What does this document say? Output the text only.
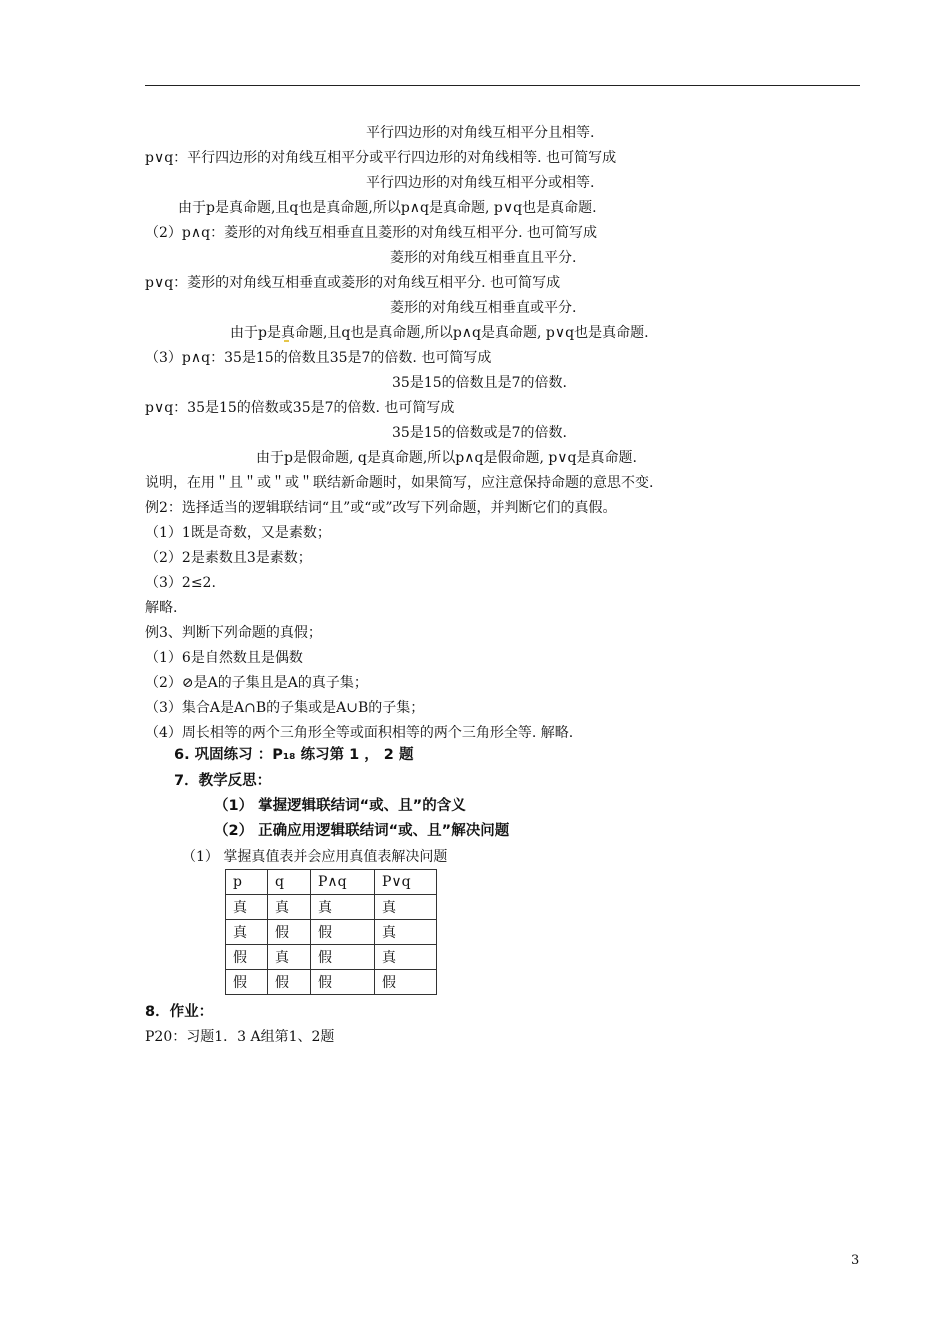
平行四边形的对角线互相平分且相等.
p∨q：平行四边形的对角线互相平分或平行四边形的对角线相等. 也可简写成
平行四边形的对角线互相平分或相等.
由于p是真命题,且q也是真命题,所以p∧q是真命题, p∨q也是真命题.
（2）p∧q：菱形的对角线互相垂直且菱形的对角线互相平分. 也可简写成
菱形的对角线互相垂直且平分.
p∨q：菱形的对角线互相垂直或菱形的对角线互相平分. 也可简写成
菱形的对角线互相垂直或平分.
由于p是真命题,且q也是真命题,所以p∧q是真命题, p∨q也是真命题.
（3）p∧q：35是15的倍数且35是7的倍数. 也可简写成
35是15的倍数且是7的倍数.
p∨q：35是15的倍数或35是7的倍数. 也可简写成
35是15的倍数或是7的倍数.
由于p是假命题, q是真命题,所以p∧q是假命题, p∨q是真命题.
说明，在用＂且＂或＂或＂联结新命题时，如果简写，应注意保持命题的意思不变.
例2：选择适当的逻辑联结词“且”或“或”改写下列命题，并判断它们的真假。
（1）1既是奇数，又是素数；
（2）2是素数且3是素数；
（3）2≤2.
解略.
例3、判断下列命题的真假；
（1）6是自然数且是偶数
（2）⊘是A的子集且是A的真子集；
（3）集合A是A∩B的子集或是A∪B的子集；
（4）周长相等的两个三角形全等或面积相等的两个三角形全等. 解略.
6. 巩固练习 ：P₁₈ 练习第 1 ， 2 题
7．教学反思：
（1） 掌握逻辑联结词“或、且”的含义
（2） 正确应用逻辑联结词“或、且”解决问题
（1） 掌握真值表并会应用真值表解决问题
p	q	P∧q	P∨q
真	真	真	真
真	假	假	真
假	真	假	真
假	假	假	假
8．作业：
P20：习题1．3 A组第1、2题
3
